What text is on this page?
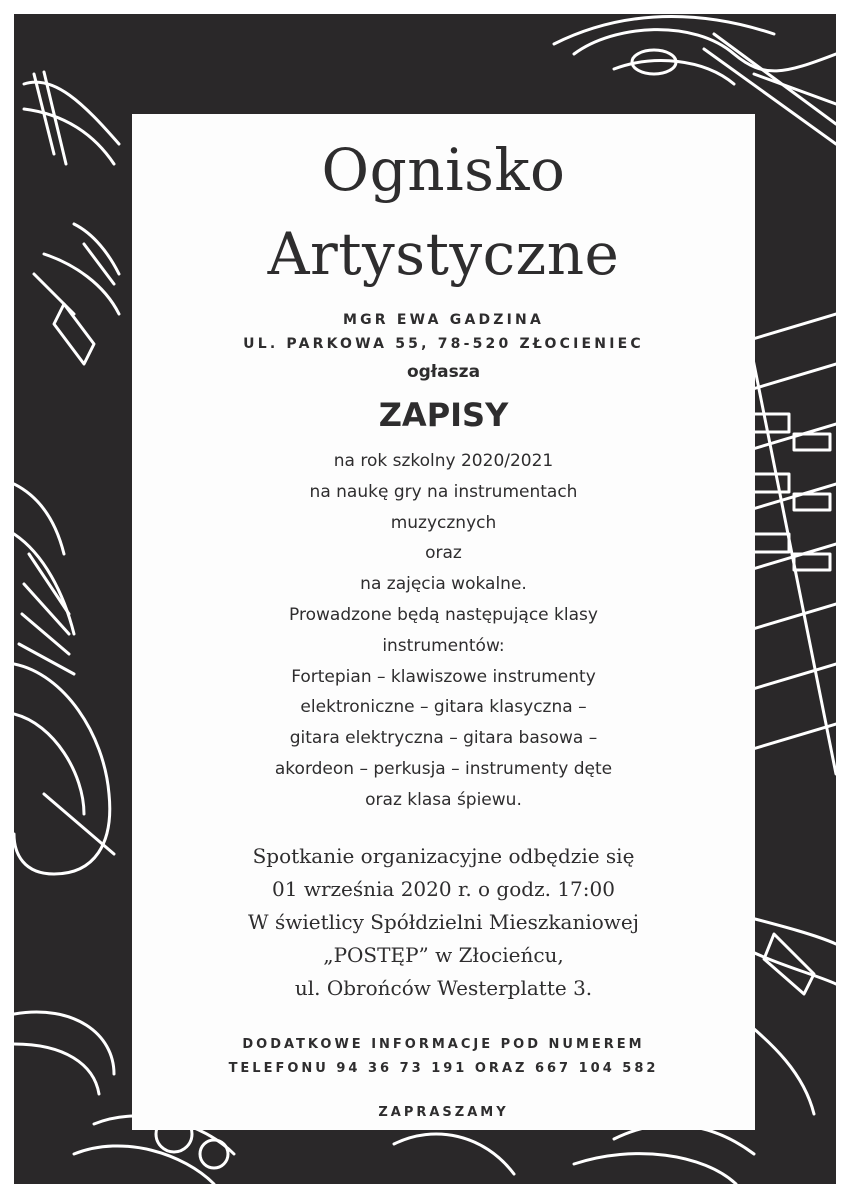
Ognisko
Artystyczne
MGR EWA GADZINA
UL. PARKOWA 55, 78-520 ZŁOCIENIEC
ogłasza
ZAPISY
na rok szkolny 2020/2021
na naukę gry na instrumentach
muzycznych
oraz
na zajęcia wokalne.
Prowadzone będą następujące klasy
instrumentów:
Fortepian – klawiszowe instrumenty
elektroniczne – gitara klasyczna –
gitara elektryczna – gitara basowa –
akordeon – perkusja – instrumenty dęte
oraz klasa śpiewu.
Spotkanie organizacyjne odbędzie się
01 września 2020 r. o godz. 17:00
W świetlicy Spółdzielni Mieszkaniowej
„POSTĘP” w Złocieńcu,
ul. Obrońców Westerplatte 3.
DODATKOWE INFORMACJE POD NUMEREM
TELEFONU 94 36 73 191 ORAZ 667 104 582
ZAPRASZAMY
